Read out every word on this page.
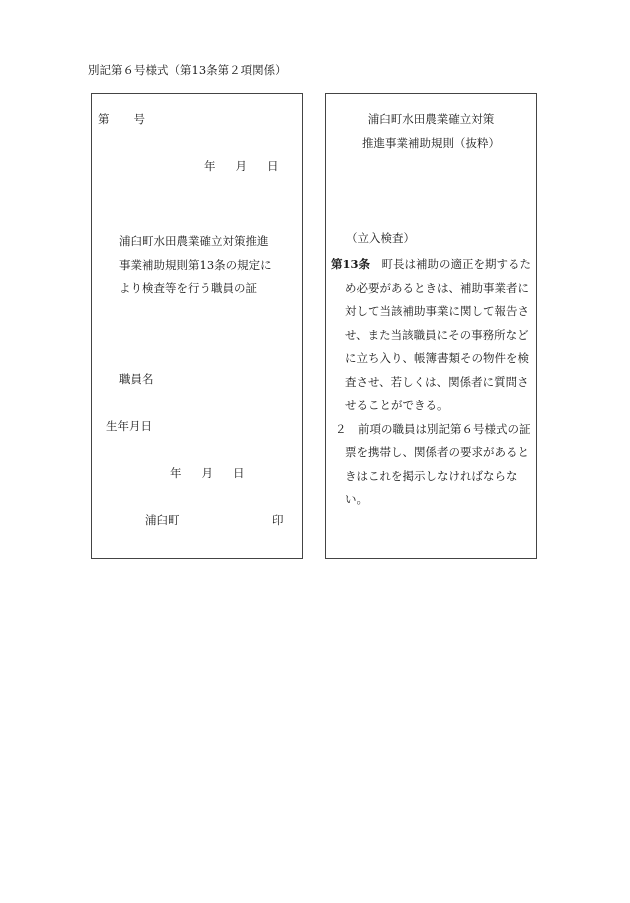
別記第６号様式（第13条第２項関係）
第 号
年 月 日
浦臼町水田農業確立対策推進
事業補助規則第13条の規定に
より検査等を行う職員の証
職員名
生年月日
年 月 日
浦臼町	印
浦臼町水田農業確立対策
推進事業補助規則（抜粋）
（立入検査）
第13条　町長は補助の適正を期するた
め必要があるときは、補助事業者に
対して当該補助事業に関して報告さ
せ、また当該職員にその事務所など
に立ち入り、帳簿書類その物件を検
査させ、若しくは、関係者に質問さ
せることができる。
２　前項の職員は別記第６号様式の証
票を携帯し、関係者の要求があると
きはこれを掲示しなければならな
い。
